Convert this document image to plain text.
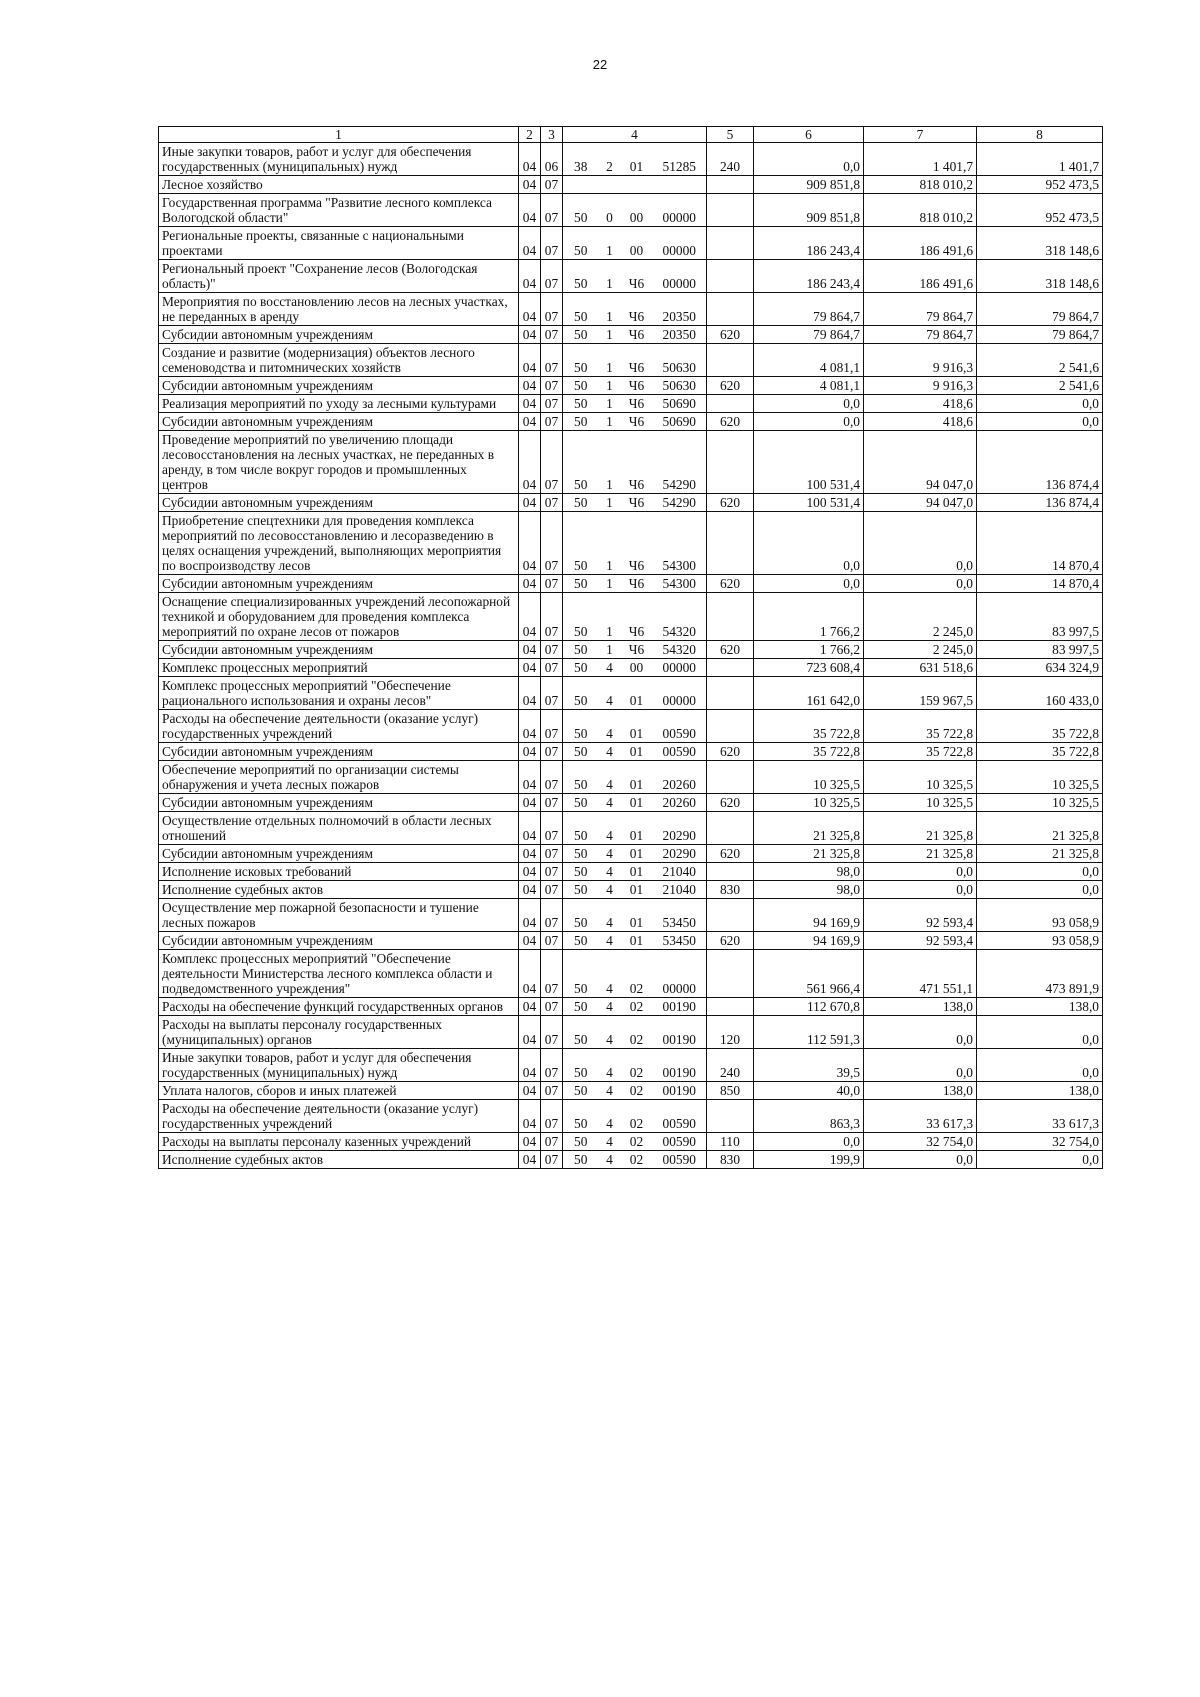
22
1	2	3	4				5	6	7	8
Иные закупки товаров, работ и услуг для обеспечения государственных (муниципальных) нужд	04	06	38	2	01	51285	240	0,0	1 401,7	1 401,7
Лесное хозяйство	04	07						909 851,8	818 010,2	952 473,5
Государственная программа "Развитие лесного комплекса Вологодской области"	04	07	50	0	00	00000		909 851,8	818 010,2	952 473,5
Региональные проекты, связанные с национальными проектами	04	07	50	1	00	00000		186 243,4	186 491,6	318 148,6
Региональный проект "Сохранение лесов (Вологодская область)"	04	07	50	1	Ч6	00000		186 243,4	186 491,6	318 148,6
Мероприятия по восстановлению лесов на лесных участках, не переданных в аренду	04	07	50	1	Ч6	20350		79 864,7	79 864,7	79 864,7
Субсидии автономным учреждениям	04	07	50	1	Ч6	20350	620	79 864,7	79 864,7	79 864,7
Создание и развитие (модернизация) объектов лесного семеноводства и питомнических хозяйств	04	07	50	1	Ч6	50630		4 081,1	9 916,3	2 541,6
Субсидии автономным учреждениям	04	07	50	1	Ч6	50630	620	4 081,1	9 916,3	2 541,6
Реализация мероприятий по уходу за лесными культурами	04	07	50	1	Ч6	50690		0,0	418,6	0,0
Субсидии автономным учреждениям	04	07	50	1	Ч6	50690	620	0,0	418,6	0,0
Проведение мероприятий по увеличению площади лесовосстановления на лесных участках, не переданных в аренду, в том числе вокруг городов и промышленных центров	04	07	50	1	Ч6	54290		100 531,4	94 047,0	136 874,4
Субсидии автономным учреждениям	04	07	50	1	Ч6	54290	620	100 531,4	94 047,0	136 874,4
Приобретение спецтехники для проведения комплекса мероприятий по лесовосстановлению и лесоразведению в целях оснащения учреждений, выполняющих мероприятия по воспроизводству лесов	04	07	50	1	Ч6	54300		0,0	0,0	14 870,4
Субсидии автономным учреждениям	04	07	50	1	Ч6	54300	620	0,0	0,0	14 870,4
Оснащение специализированных учреждений лесопожарной техникой и оборудованием для проведения комплекса мероприятий по охране лесов от пожаров	04	07	50	1	Ч6	54320		1 766,2	2 245,0	83 997,5
Субсидии автономным учреждениям	04	07	50	1	Ч6	54320	620	1 766,2	2 245,0	83 997,5
Комплекс процессных мероприятий	04	07	50	4	00	00000		723 608,4	631 518,6	634 324,9
Комплекс процессных мероприятий "Обеспечение рационального использования и охраны лесов"	04	07	50	4	01	00000		161 642,0	159 967,5	160 433,0
Расходы на обеспечение деятельности (оказание услуг) государственных учреждений	04	07	50	4	01	00590		35 722,8	35 722,8	35 722,8
Субсидии автономным учреждениям	04	07	50	4	01	00590	620	35 722,8	35 722,8	35 722,8
Обеспечение мероприятий по организации системы обнаружения и учета лесных пожаров	04	07	50	4	01	20260		10 325,5	10 325,5	10 325,5
Субсидии автономным учреждениям	04	07	50	4	01	20260	620	10 325,5	10 325,5	10 325,5
Осуществление отдельных полномочий в области лесных отношений	04	07	50	4	01	20290		21 325,8	21 325,8	21 325,8
Субсидии автономным учреждениям	04	07	50	4	01	20290	620	21 325,8	21 325,8	21 325,8
Исполнение исковых требований	04	07	50	4	01	21040		98,0	0,0	0,0
Исполнение судебных актов	04	07	50	4	01	21040	830	98,0	0,0	0,0
Осуществление мер пожарной безопасности и тушение лесных пожаров	04	07	50	4	01	53450		94 169,9	92 593,4	93 058,9
Субсидии автономным учреждениям	04	07	50	4	01	53450	620	94 169,9	92 593,4	93 058,9
Комплекс процессных мероприятий "Обеспечение деятельности Министерства лесного комплекса области и подведомственного учреждения"	04	07	50	4	02	00000		561 966,4	471 551,1	473 891,9
Расходы на обеспечение функций государственных органов	04	07	50	4	02	00190		112 670,8	138,0	138,0
Расходы на выплаты персоналу государственных (муниципальных) органов	04	07	50	4	02	00190	120	112 591,3	0,0	0,0
Иные закупки товаров, работ и услуг для обеспечения государственных (муниципальных) нужд	04	07	50	4	02	00190	240	39,5	0,0	0,0
Уплата налогов, сборов и иных платежей	04	07	50	4	02	00190	850	40,0	138,0	138,0
Расходы на обеспечение деятельности (оказание услуг) государственных учреждений	04	07	50	4	02	00590		863,3	33 617,3	33 617,3
Расходы на выплаты персоналу казенных учреждений	04	07	50	4	02	00590	110	0,0	32 754,0	32 754,0
Исполнение судебных актов	04	07	50	4	02	00590	830	199,9	0,0	0,0
